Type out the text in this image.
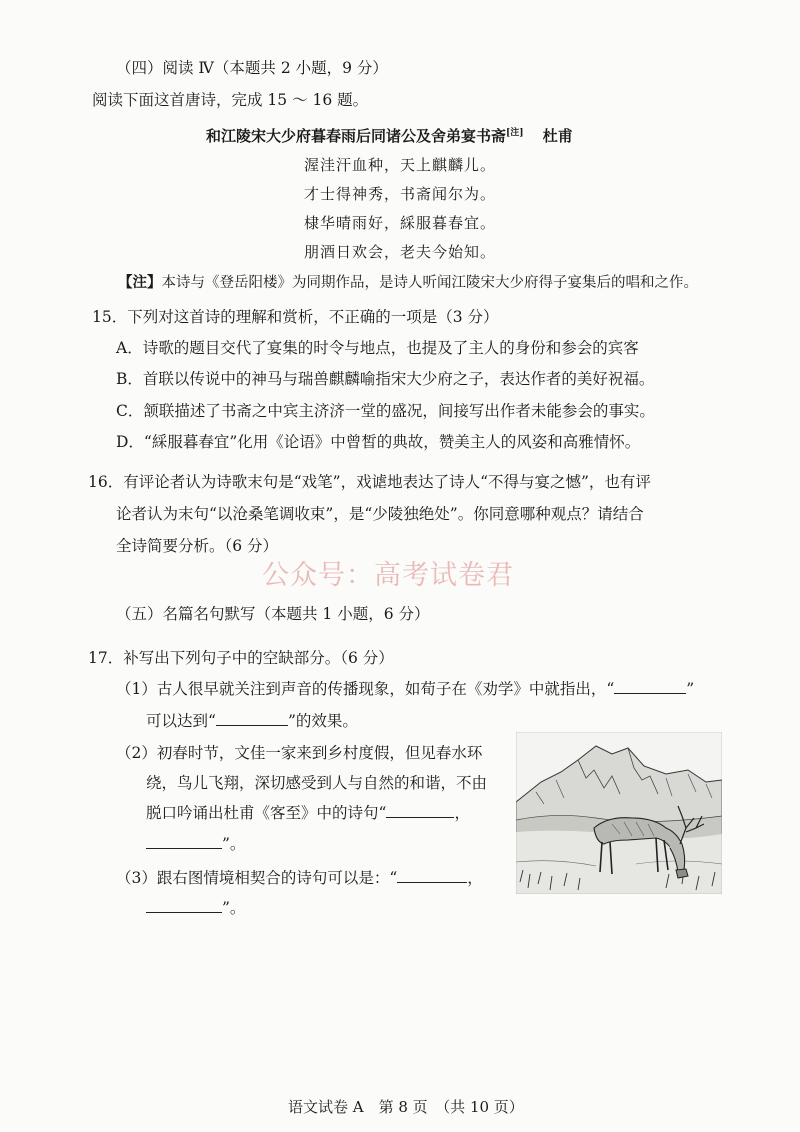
（四）阅读 Ⅳ（本题共 2 小题，9 分）
阅读下面这首唐诗，完成 15 ～ 16 题。
和江陵宋大少府暮春雨后同诸公及舍弟宴书斋[注] 杜甫
渥洼汗血种，天上麒麟儿。
才士得神秀，书斋闻尔为。
棣华晴雨好，綵服暮春宜。
朋酒日欢会，老夫今始知。
【注】本诗与《登岳阳楼》为同期作品，是诗人听闻江陵宋大少府得子宴集后的唱和之作。
15．下列对这首诗的理解和赏析，不正确的一项是（3 分）
A．诗歌的题目交代了宴集的时令与地点，也提及了主人的身份和参会的宾客
B．首联以传说中的神马与瑞兽麒麟喻指宋大少府之子，表达作者的美好祝福。
C．颔联描述了书斋之中宾主济济一堂的盛况，间接写出作者未能参会的事实。
D．“綵服暮春宜”化用《论语》中曾皙的典故，赞美主人的风姿和高雅情怀。
16．有评论者认为诗歌末句是“戏笔”，戏谑地表达了诗人“不得与宴之憾”，也有评
论者认为末句“以沧桑笔调收束”，是“少陵独绝处”。你同意哪种观点？请结合
全诗简要分析。（6 分）
公众号：高考试卷君
（五）名篇名句默写（本题共 1 小题，6 分）
17．补写出下列句子中的空缺部分。（6 分）
（1）古人很早就关注到声音的传播现象，如荀子在《劝学》中就指出，“	”
可以达到“	”的效果。
（2）初春时节，文佳一家来到乡村度假，但见春水环
绕，鸟儿飞翔，深切感受到人与自然的和谐，不由
脱口吟诵出杜甫《客至》中的诗句“	，
”。
（3）跟右图情境相契合的诗句可以是：“	，
”。
语文试卷 A　第 8 页　（共 10 页）
